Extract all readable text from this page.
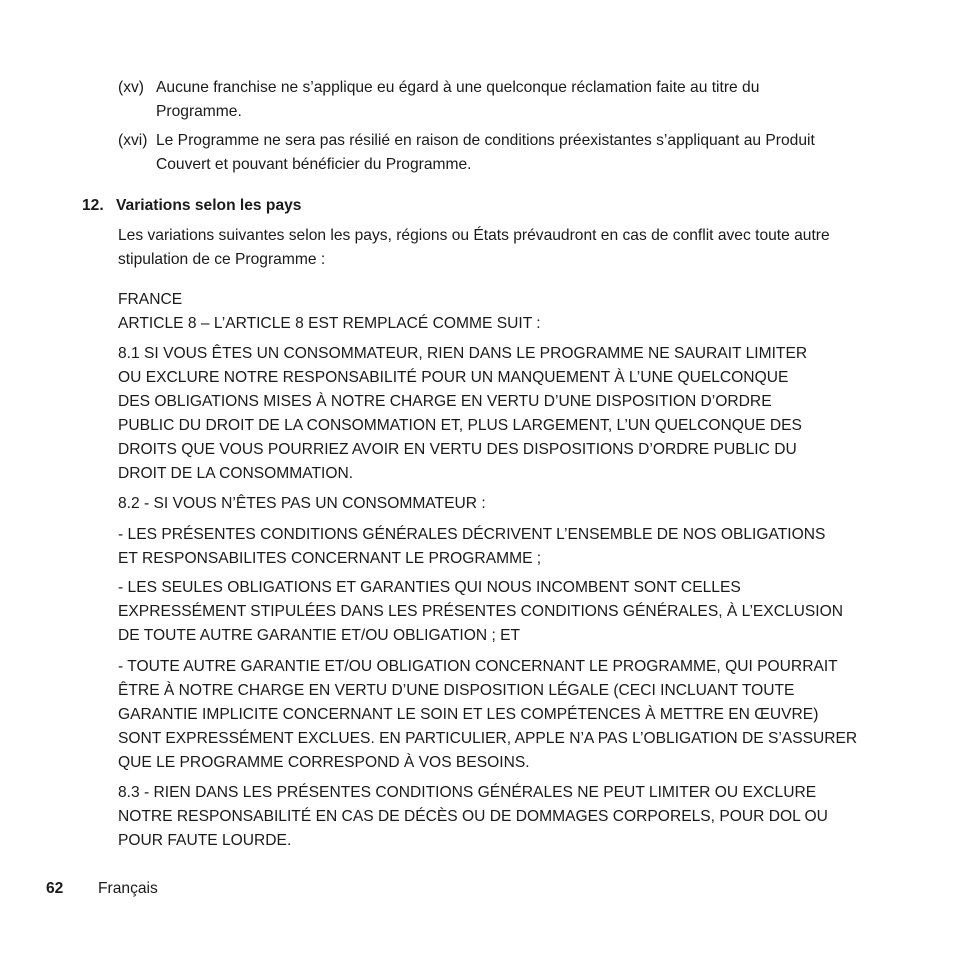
(xv) Aucune franchise ne s’applique eu égard à une quelconque réclamation faite au titre du Programme.
(xvi) Le Programme ne sera pas résilié en raison de conditions préexistantes s’appliquant au Produit Couvert et pouvant bénéficier du Programme.
12. Variations selon les pays
Les variations suivantes selon les pays, régions ou États prévaudront en cas de conflit avec toute autre stipulation de ce Programme :
FRANCE
ARTICLE 8 – L’ARTICLE 8 EST REMPLACÉ COMME SUIT :
8.1 SI VOUS ÊTES UN CONSOMMATEUR, RIEN DANS LE PROGRAMME NE SAURAIT LIMITER OU EXCLURE NOTRE RESPONSABILITÉ POUR UN MANQUEMENT À L’UNE QUELCONQUE DES OBLIGATIONS MISES À NOTRE CHARGE EN VERTU D’UNE DISPOSITION D’ORDRE PUBLIC DU DROIT DE LA CONSOMMATION ET, PLUS LARGEMENT, L’UN QUELCONQUE DES DROITS QUE VOUS POURRIEZ AVOIR EN VERTU DES DISPOSITIONS D’ORDRE PUBLIC DU DROIT DE LA CONSOMMATION.
8.2 - SI VOUS N’ÊTES PAS UN CONSOMMATEUR :
- LES PRÉSENTES CONDITIONS GÉNÉRALES DÉCRIVENT L’ENSEMBLE DE NOS OBLIGATIONS ET RESPONSABILITES CONCERNANT LE PROGRAMME ;
- LES SEULES OBLIGATIONS ET GARANTIES QUI NOUS INCOMBENT SONT CELLES EXPRESSÉMENT STIPULÉES DANS LES PRÉSENTES CONDITIONS GÉNÉRALES, À L’EXCLUSION DE TOUTE AUTRE GARANTIE ET/OU OBLIGATION ; ET
- TOUTE AUTRE GARANTIE ET/OU OBLIGATION CONCERNANT LE PROGRAMME, QUI POURRAIT ÊTRE À NOTRE CHARGE EN VERTU D’UNE DISPOSITION LÉGALE (CECI INCLUANT TOUTE GARANTIE IMPLICITE CONCERNANT LE SOIN ET LES COMPÉTENCES À METTRE EN ŒUVRE) SONT EXPRESSÉMENT EXCLUES. EN PARTICULIER, APPLE N’A PAS L’OBLIGATION DE S’ASSURER QUE LE PROGRAMME CORRESPOND À VOS BESOINS.
8.3 - RIEN DANS LES PRÉSENTES CONDITIONS GÉNÉRALES NE PEUT LIMITER OU EXCLURE NOTRE RESPONSABILITÉ EN CAS DE DÉCÈS OU DE DOMMAGES CORPORELS, POUR DOL OU POUR FAUTE LOURDE.
62	Français
